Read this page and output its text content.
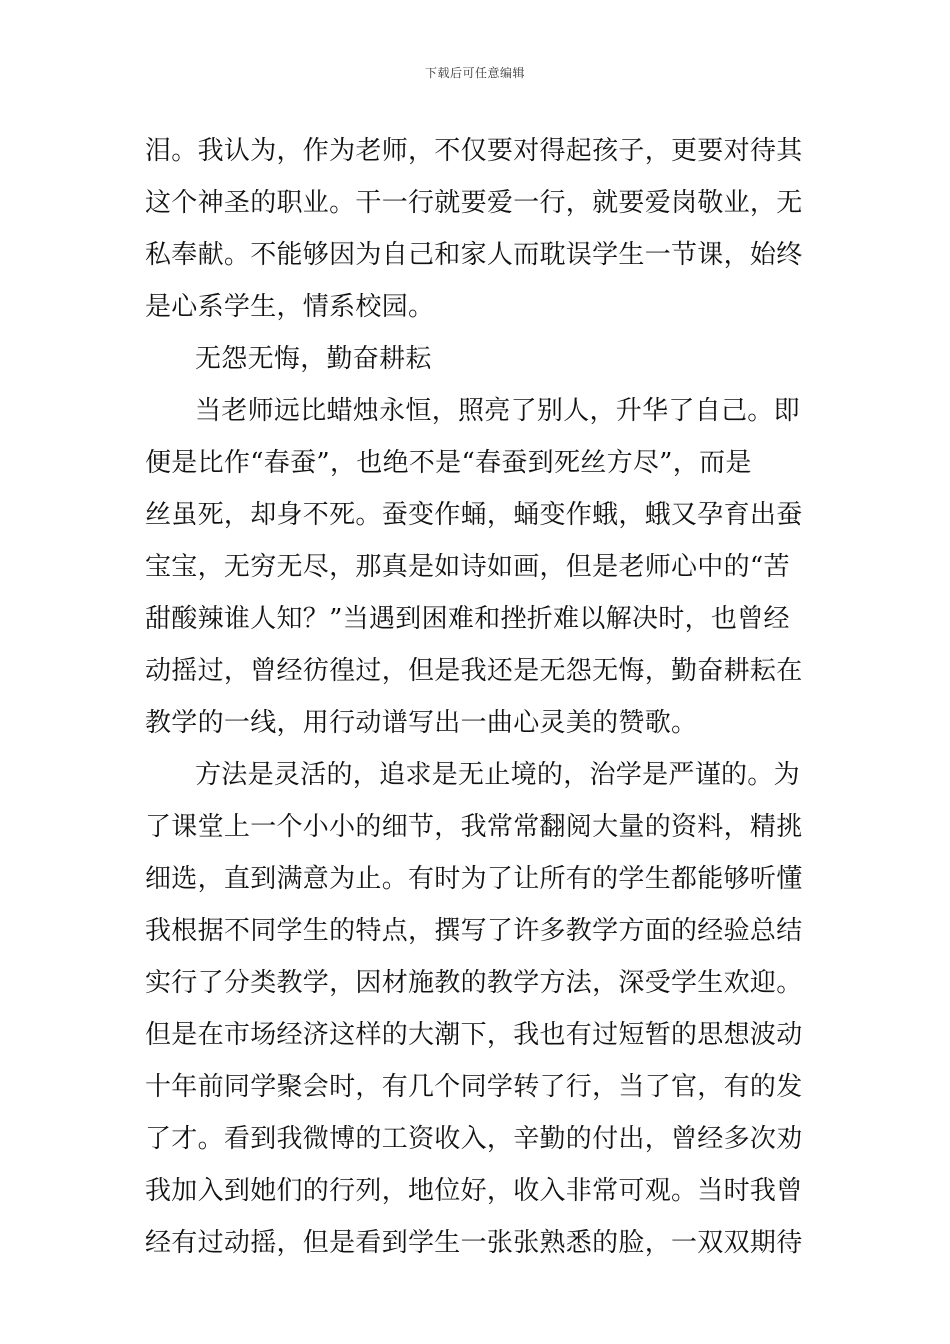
下载后可任意编辑
泪。我认为，作为老师，不仅要对得起孩子，更要对待其
这个神圣的职业。干一行就要爱一行，就要爱岗敬业，无
私奉献。不能够因为自己和家人而耽误学生一节课，始终
是心系学生，情系校园。
无怨无悔，勤奋耕耘
当老师远比蜡烛永恒，照亮了别人，升华了自己。即
便是比作“春蚕”，也绝不是“春蚕到死丝方尽”，而是
丝虽死，却身不死。蚕变作蛹，蛹变作蛾，蛾又孕育出蚕
宝宝，无穷无尽，那真是如诗如画，但是老师心中的“苦
甜酸辣谁人知？”当遇到困难和挫折难以解决时，也曾经
动摇过，曾经彷徨过，但是我还是无怨无悔，勤奋耕耘在
教学的一线，用行动谱写出一曲心灵美的赞歌。
方法是灵活的，追求是无止境的，治学是严谨的。为
了课堂上一个小小的细节，我常常翻阅大量的资料，精挑
细选，直到满意为止。有时为了让所有的学生都能够听懂
我根据不同学生的特点，撰写了许多教学方面的经验总结
实行了分类教学，因材施教的教学方法，深受学生欢迎。
但是在市场经济这样的大潮下，我也有过短暂的思想波动
十年前同学聚会时，有几个同学转了行，当了官，有的发
了才。看到我微博的工资收入，辛勤的付出，曾经多次劝
我加入到她们的行列，地位好，收入非常可观。当时我曾
经有过动摇，但是看到学生一张张熟悉的脸，一双双期待
